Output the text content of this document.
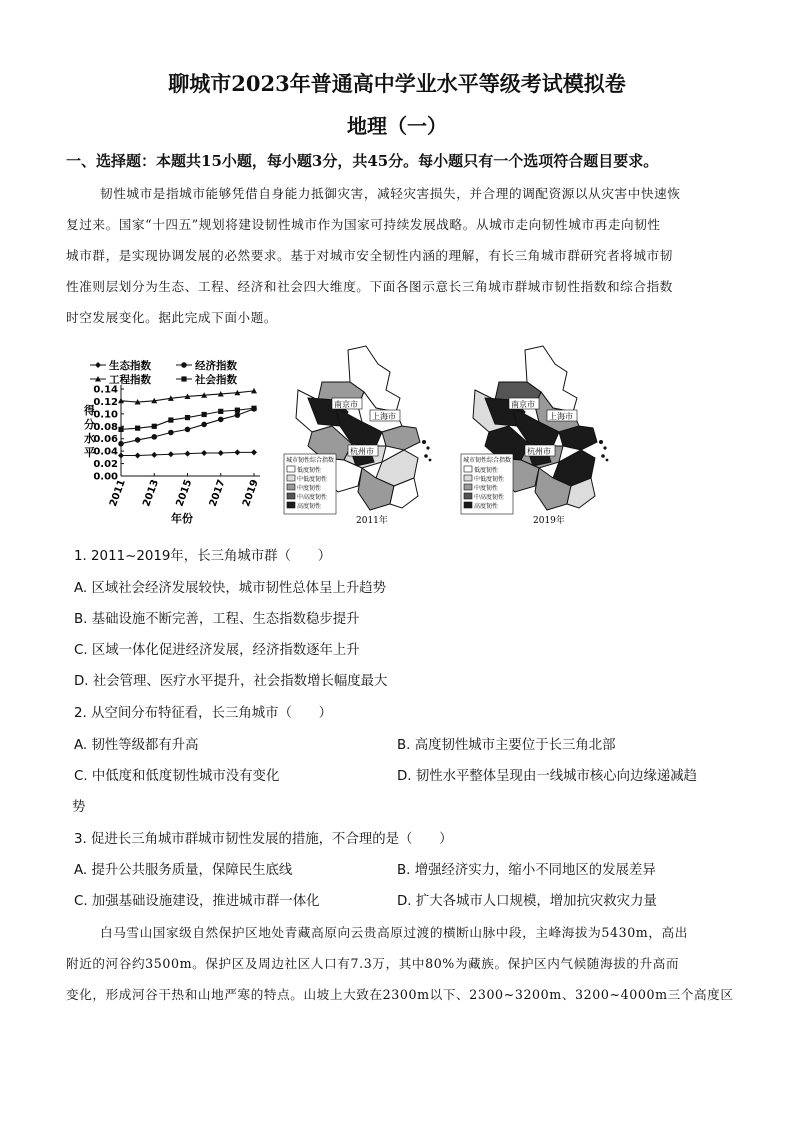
聊城市2023年普通高中学业水平等级考试模拟卷
地理（一）
一、选择题：本题共15小题，每小题3分，共45分。每小题只有一个选项符合题目要求。
韧性城市是指城市能够凭借自身能力抵御灾害，减轻灾害损失，并合理的调配资源以从灾害中快速恢
复过来。国家“十四五”规划将建设韧性城市作为国家可持续发展战略。从城市走向韧性城市再走向韧性
城市群，是实现协调发展的必然要求。基于对城市安全韧性内涵的理解，有长三角城市群研究者将城市韧
性准则层划分为生态、工程、经济和社会四大维度。下面各图示意长三角城市群城市韧性指数和综合指数
时空发展变化。据此完成下面小题。
生态指数	经济指数
工程指数	社会指数
0.00
0.02
0.04
0.06
0.08
0.10
0.12
0.14
2011 2013 2015 2017 2019
得
分
水
平
年份
南京市
上海市
杭州市
城市韧性综合指数
低度韧性
中低度韧性
中度韧性
中高度韧性
高度韧性
2011年
南京市
上海市
杭州市
城市韧性综合指数
低度韧性
中低度韧性
中度韧性
中高度韧性
高度韧性
2019年
1. 2011~2019年，长三角城市群（　　）
A. 区域社会经济发展较快，城市韧性总体呈上升趋势
B. 基础设施不断完善，工程、生态指数稳步提升
C. 区域一体化促进经济发展，经济指数逐年上升
D. 社会管理、医疗水平提升，社会指数增长幅度最大
2. 从空间分布特征看，长三角城市（　　）
A. 韧性等级都有升高	B. 高度韧性城市主要位于长三角北部
C. 中低度和低度韧性城市没有变化	D. 韧性水平整体呈现由一线城市核心向边缘递减趋
势
3. 促进长三角城市群城市韧性发展的措施，不合理的是（　　）
A. 提升公共服务质量，保障民生底线	B. 增强经济实力，缩小不同地区的发展差异
C. 加强基础设施建设，推进城市群一体化	D. 扩大各城市人口规模，增加抗灾救灾力量
白马雪山国家级自然保护区地处青藏高原向云贵高原过渡的横断山脉中段，主峰海拔为5430m，高出
附近的河谷约3500m。保护区及周边社区人口有7.3万，其中80%为藏族。保护区内气候随海拔的升高而
变化，形成河谷干热和山地严寒的特点。山坡上大致在2300m以下、2300~3200m、3200~4000m三个高度区
